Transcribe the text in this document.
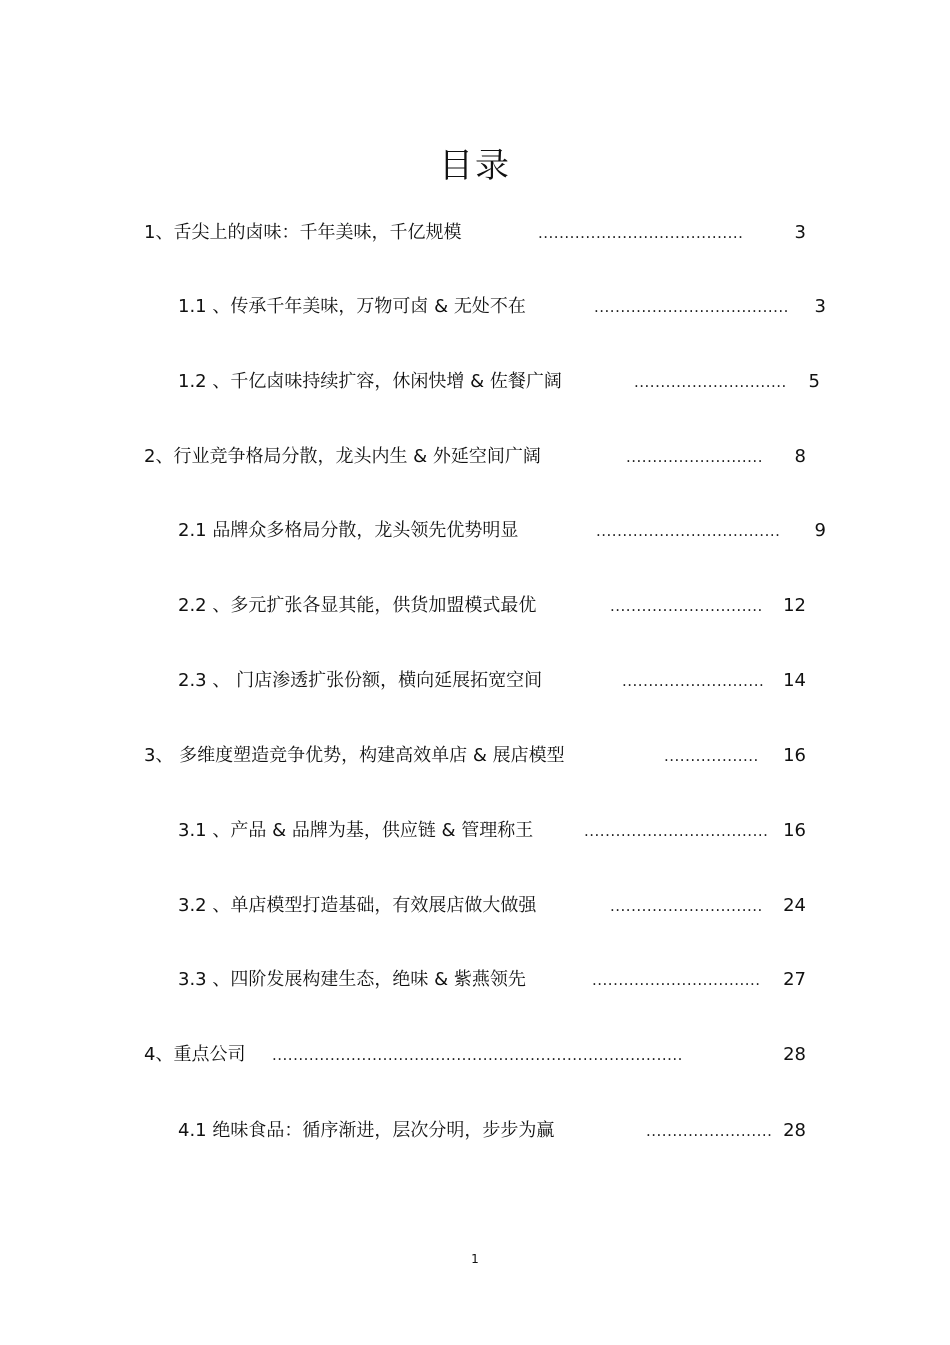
目录
1、舌尖上的卤味：千年美味，千亿规模	.......................................	3
1.1 、传承千年美味，万物可卤 & 无处不在	.....................................	3
1.2 、千亿卤味持续扩容，休闲快增 & 佐餐广阔	.............................	5
2、行业竞争格局分散，龙头内生 & 外延空间广阔	..........................	8
2.1 品牌众多格局分散，龙头领先优势明显	...................................	9
2.2 、多元扩张各显其能，供货加盟模式最优	.............................	12
2.3 、 门店渗透扩张份额，横向延展拓宽空间	...........................	14
3、 多维度塑造竞争优势，构建高效单店 & 展店模型	..................	16
3.1 、产品 & 品牌为基，供应链 & 管理称王	................................... 16
3.2 、单店模型打造基础，有效展店做大做强	.............................	24
3.3 、四阶发展构建生态，绝味 & 紫燕领先	................................	27
4、重点公司 ..............................................................................	28
4.1 绝味食品：循序渐进，层次分明，步步为赢	........................ 28
1
